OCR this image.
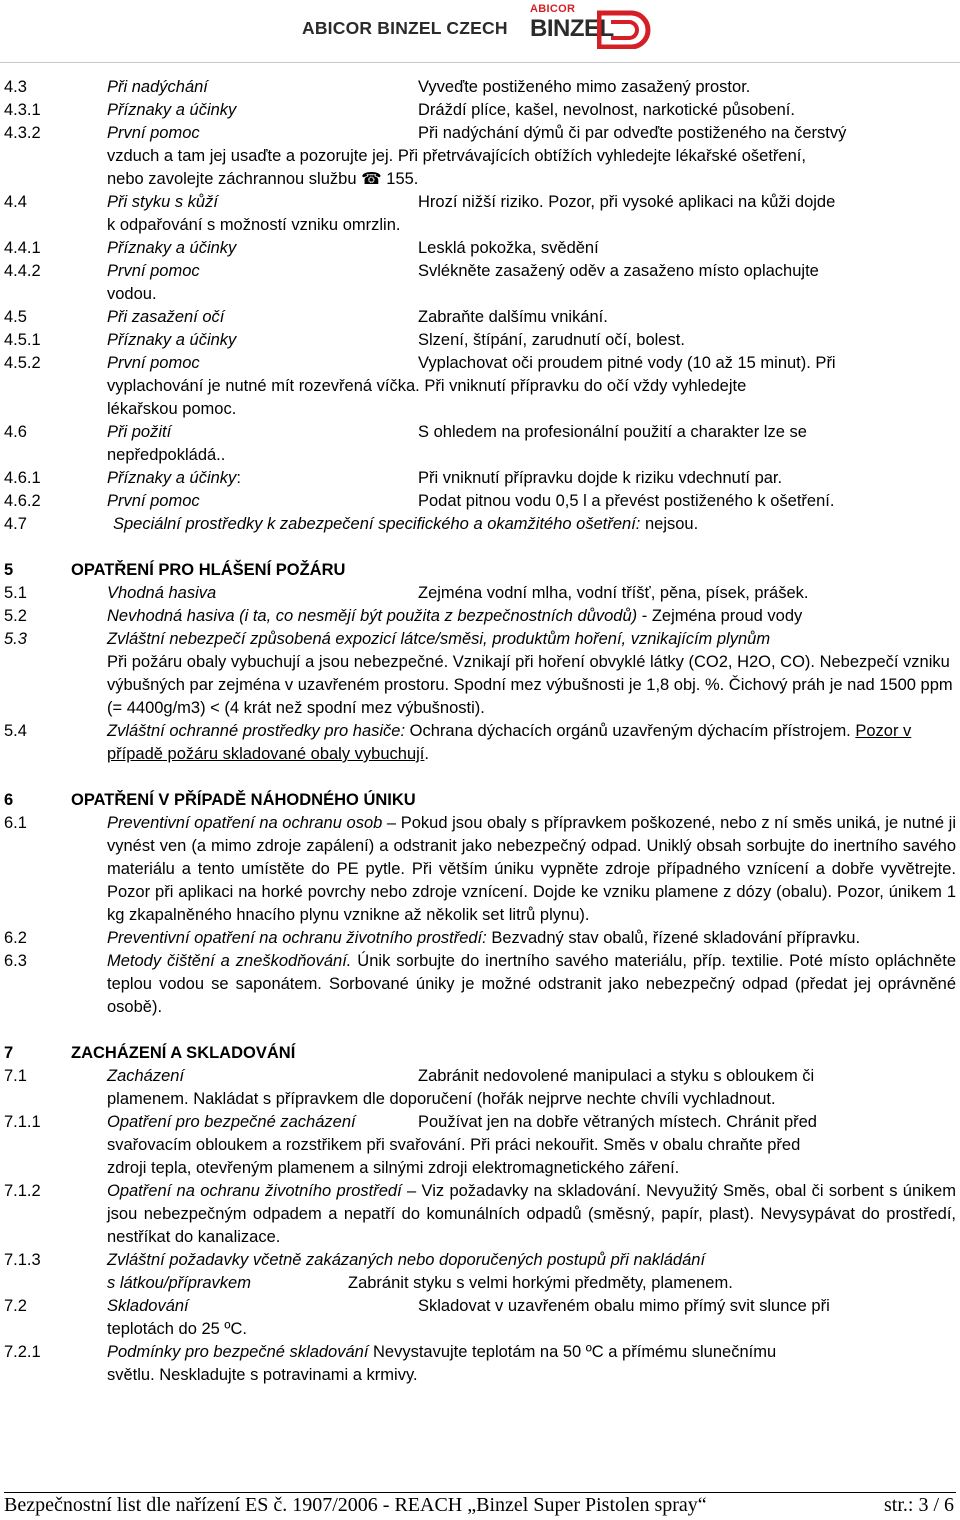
ABICOR BINZEL CZECH
ABICOR
BINZEL
4.3	Při nadýchání	Vyveďte postiženého mimo zasažený prostor.
4.3.1	Příznaky a účinky	Dráždí plíce, kašel, nevolnost, narkotické působení.
4.3.2	První pomoc	Při nadýchání dýmů či par odveďte postiženého na čerstvý
vzduch a tam jej usaďte a pozorujte jej. Při přetrvávajících obtížích vyhledejte lékařské ošetření,
nebo zavolejte záchrannou službu ☎ 155.
4.4	Při styku s kůží	Hrozí nižší riziko. Pozor, při vysoké aplikaci na kůži dojde
k odpařování s možností vzniku omrzlin.
4.4.1	Příznaky a účinky	Lesklá pokožka, svědění
4.4.2	První pomoc	Svlékněte zasažený oděv a zasaženo místo oplachujte
vodou.
4.5	Při zasažení očí	Zabraňte dalšímu vnikání.
4.5.1	Příznaky a účinky	Slzení, štípání, zarudnutí očí, bolest.
4.5.2	První pomoc	Vyplachovat oči proudem pitné vody (10 až 15 minut). Při
vyplachování je nutné mít rozevřená víčka. Při vniknutí přípravku do očí vždy vyhledejte
lékařskou pomoc.
4.6	Při požití	S ohledem na profesionální použití a charakter lze se
nepředpokládá..
4.6.1	Příznaky a účinky:	Při vniknutí přípravku dojde k riziku vdechnutí par.
4.6.2	První pomoc	Podat pitnou vodu 0,5 l a převést postiženého k ošetření.
4.7	Speciální prostředky k zabezpečení specifického a okamžitého ošetření: nejsou.
5	OPATŘENÍ PRO HLÁŠENÍ POŽÁRU
5.1	Vhodná hasiva	Zejména vodní mlha, vodní tříšť, pěna, písek, prášek.
5.2	Nevhodná hasiva (i ta, co nesmějí být použita z bezpečnostních důvodů) - Zejména proud vody
5.3	Zvláštní nebezpečí způsobená expozicí látce/směsi, produktům hoření, vznikajícím plynům
Při požáru obaly vybuchují a jsou nebezpečné. Vznikají při hoření obvyklé látky (CO2, H2O, CO). Nebezpečí vzniku výbušných par zejména v uzavřeném prostoru. Spodní mez výbušnosti je 1,8 obj. %. Čichový práh je nad 1500 ppm (= 4400g/m3) < (4 krát než spodní mez výbušnosti).
5.4	Zvláštní ochranné prostředky pro hasiče: Ochrana dýchacích orgánů uzavřeným dýchacím přístrojem. Pozor v případě požáru skladované obaly vybuchují.
6	OPATŘENÍ V PŘÍPADĚ NÁHODNÉHO ÚNIKU
6.1	Preventivní opatření na ochranu osob – Pokud jsou obaly s přípravkem poškozené, nebo z ní směs uniká, je nutné ji vynést ven (a mimo zdroje zapálení) a odstranit jako nebezpečný odpad. Uniklý obsah sorbujte do inertního savého materiálu a tento umístěte do PE pytle. Při větším úniku vypněte zdroje případného vznícení a dobře vyvětrejte. Pozor při aplikaci na horké povrchy nebo zdroje vznícení. Dojde ke vzniku plamene z dózy (obalu). Pozor, únikem 1 kg zkapalněného hnacího plynu vznikne až několik set litrů plynu).
6.2	Preventivní opatření na ochranu životního prostředí: Bezvadný stav obalů, řízené skladování přípravku.
6.3	Metody čištění a zneškodňování. Únik sorbujte do inertního savého materiálu, příp. textilie. Poté místo opláchněte teplou vodou se saponátem. Sorbované úniky je možné odstranit jako nebezpečný odpad (předat jej oprávněné osobě).
7	ZACHÁZENÍ A SKLADOVÁNÍ
7.1	Zacházení	Zabránit nedovolené manipulaci a styku s obloukem či
plamenem. Nakládat s přípravkem dle doporučení (hořák nejprve nechte chvíli vychladnout.
7.1.1	Opatření pro bezpečné zacházení	Používat jen na dobře větraných místech. Chránit před
svařovacím obloukem a rozstřikem při svařování. Při práci nekouřit. Směs v obalu chraňte před
zdroji tepla, otevřeným plamenem a silnými zdroji elektromagnetického záření.
7.1.2	Opatření na ochranu životního prostředí – Viz požadavky na skladování. Nevyužitý Směs, obal či sorbent s únikem jsou nebezpečným odpadem a nepatří do komunálních odpadů (směsný, papír, plast). Nevysypávat do prostředí, nestříkat do kanalizace.
7.1.3	Zvláštní požadavky včetně zakázaných nebo doporučených postupů při nakládání
s látkou/přípravkem	Zabránit styku s velmi horkými předměty, plamenem.
7.2	Skladování	Skladovat v uzavřeném obalu mimo přímý svit slunce při
teplotách do 25 ºC.
7.2.1	Podmínky pro bezpečné skladování Nevystavujte teplotám na 50 ºC a přímému slunečnímu
světlu. Neskladujte s potravinami a krmivy.
Bezpečnostní list dle nařízení ES č. 1907/2006 - REACH „Binzel Super Pistolen spray“	str.: 3 / 6
